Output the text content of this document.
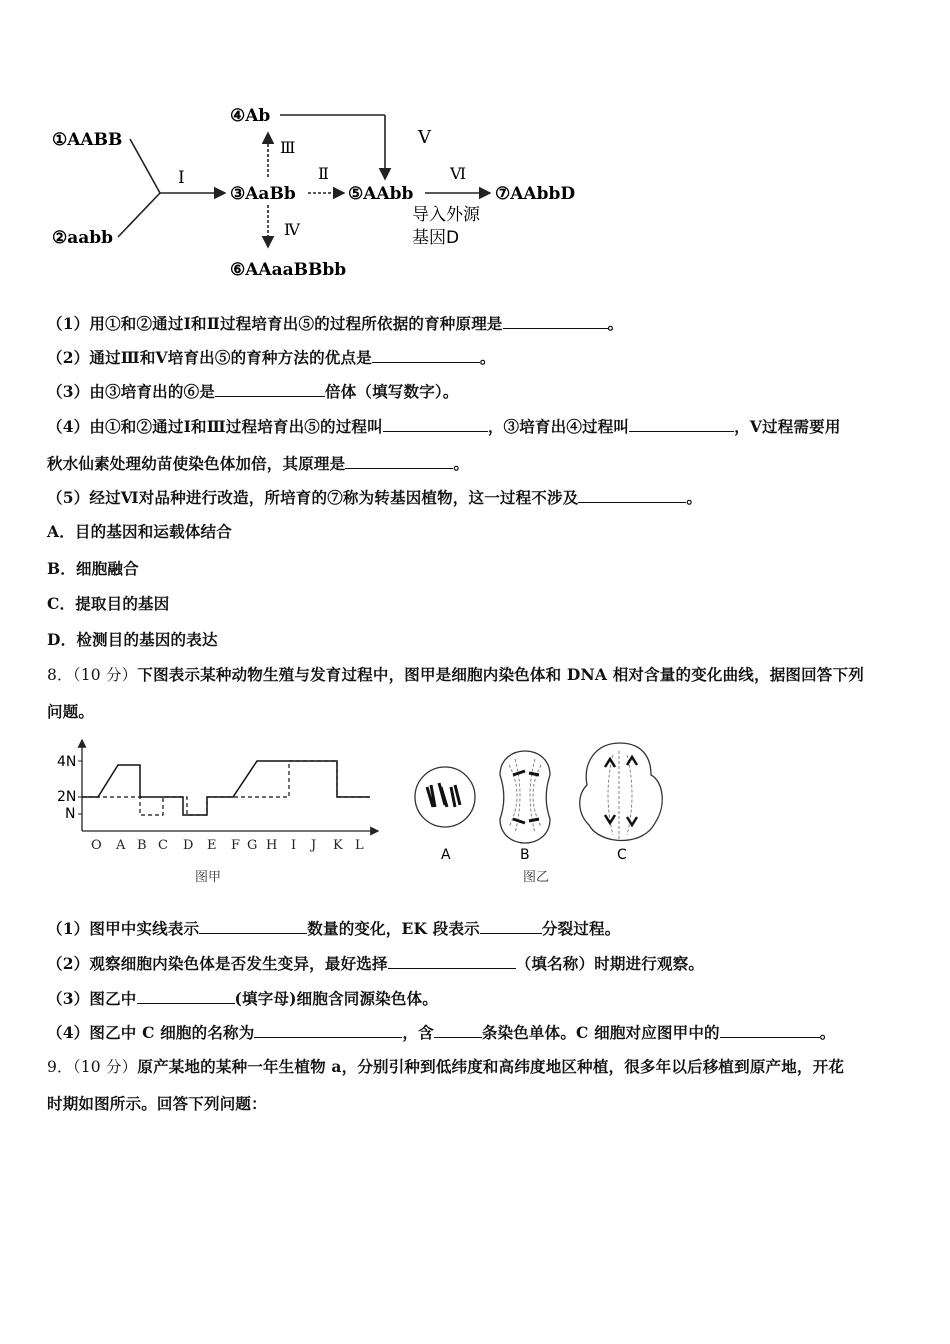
①AABB
②aabb
Ⅰ
③AaBb
④Ab
⑥AAaaBBbb
Ⅲ
Ⅳ
Ⅱ
Ⅴ
⑤AAbb
Ⅵ
⑦AAbbD
导入外源
基因D
（1）用①和②通过Ⅰ和Ⅱ过程培育出⑤的过程所依据的育种原理是	。
（2）通过Ⅲ和Ⅴ培育出⑤的育种方法的优点是	。
（3）由③培育出的⑥是	倍体（填写数字）。
（4）由①和②通过Ⅰ和Ⅲ过程培育出⑤的过程叫	，③培育出④过程叫	，Ⅴ过程需要用
秋水仙素处理幼苗使染色体加倍，其原理是	。
（5）经过Ⅵ对品种进行改造，所培育的⑦称为转基因植物，这一过程不涉及	。
A．目的基因和运载体结合
B．细胞融合
C．提取目的基因
D．检测目的基因的表达
8．（10 分）下图表示某种动物生殖与发育过程中，图甲是细胞内染色体和 DNA 相对含量的变化曲线，据图回答下列
问题。
4N
2N
N
O A B C D E F G H I J K L
图甲
A	B	C
图乙
（1）图甲中实线表示	数量的变化，EK 段表示	分裂过程。
（2）观察细胞内染色体是否发生变异，最好选择	（填名称）时期进行观察。
（3）图乙中	(填字母)细胞含同源染色体。
（4）图乙中 C 细胞的名称为	，含	条染色单体。C 细胞对应图甲中的	。
9．（10 分）原产某地的某种一年生植物 a，分别引种到低纬度和高纬度地区种植，很多年以后移植到原产地，开花
时期如图所示。回答下列问题：
